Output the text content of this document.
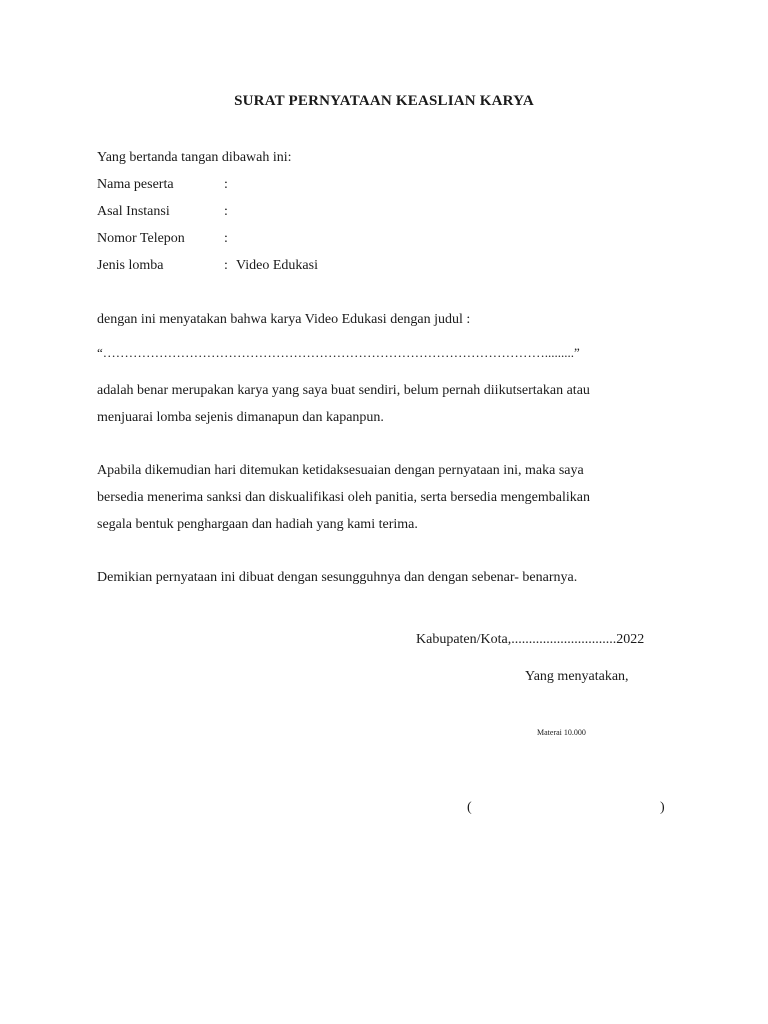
SURAT PERNYATAAN KEASLIAN KARYA
Yang bertanda tangan dibawah ini:
Nama peserta	:
Asal Instansi	:
Nomor Telepon	:
Jenis lomba	: Video Edukasi
dengan ini menyatakan bahwa karya Video Edukasi dengan judul :
“………………………………………………………………………………………….........”
adalah benar merupakan karya yang saya buat sendiri, belum pernah diikutsertakan atau
menjuarai lomba sejenis dimanapun dan kapanpun.
Apabila dikemudian hari ditemukan ketidaksesuaian dengan pernyataan ini, maka saya
bersedia menerima sanksi dan diskualifikasi oleh panitia, serta bersedia mengembalikan
segala bentuk penghargaan dan hadiah yang kami terima.
Demikian pernyataan ini dibuat dengan sesungguhnya dan dengan sebenar- benarnya.
Kabupaten/Kota,..............................2022
Yang menyatakan,
Materai 10.000
(	)
